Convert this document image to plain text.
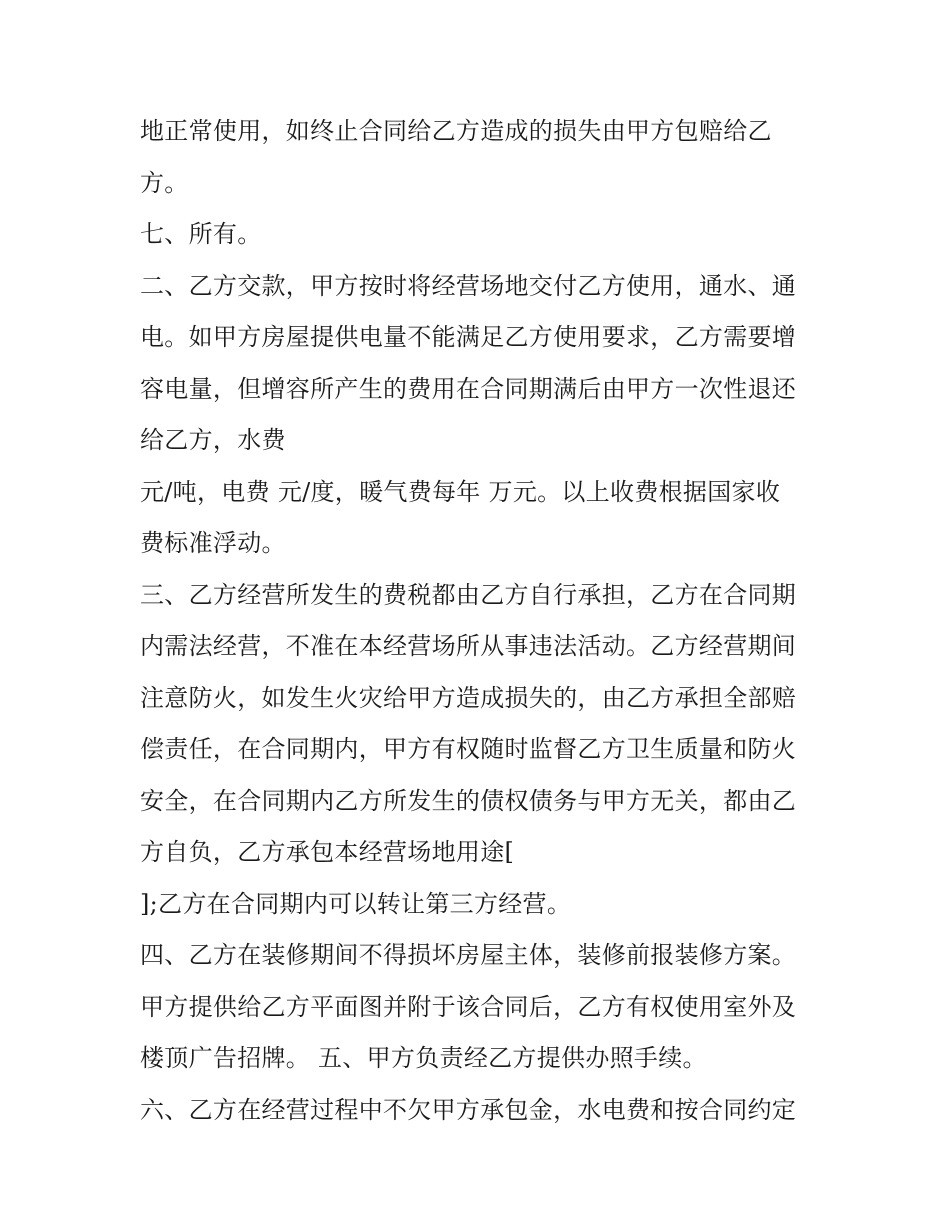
地正常使用，如终止合同给乙方造成的损失由甲方包赔给乙
方。
七、所有。
二、乙方交款，甲方按时将经营场地交付乙方使用，通水、通
电。如甲方房屋提供电量不能满足乙方使用要求，乙方需要增
容电量，但增容所产生的费用在合同期满后由甲方一次性退还
给乙方，水费
元/吨，电费 元/度，暖气费每年 万元。以上收费根据国家收
费标准浮动。
三、乙方经营所发生的费税都由乙方自行承担，乙方在合同期
内需法经营，不准在本经营场所从事违法活动。乙方经营期间
注意防火，如发生火灾给甲方造成损失的，由乙方承担全部赔
偿责任，在合同期内，甲方有权随时监督乙方卫生质量和防火
安全，在合同期内乙方所发生的债权债务与甲方无关，都由乙
方自负，乙方承包本经营场地用途[
];乙方在合同期内可以转让第三方经营。
四、乙方在装修期间不得损坏房屋主体，装修前报装修方案。
甲方提供给乙方平面图并附于该合同后，乙方有权使用室外及
楼顶广告招牌。 五、甲方负责经乙方提供办照手续。
六、乙方在经营过程中不欠甲方承包金，水电费和按合同约定
